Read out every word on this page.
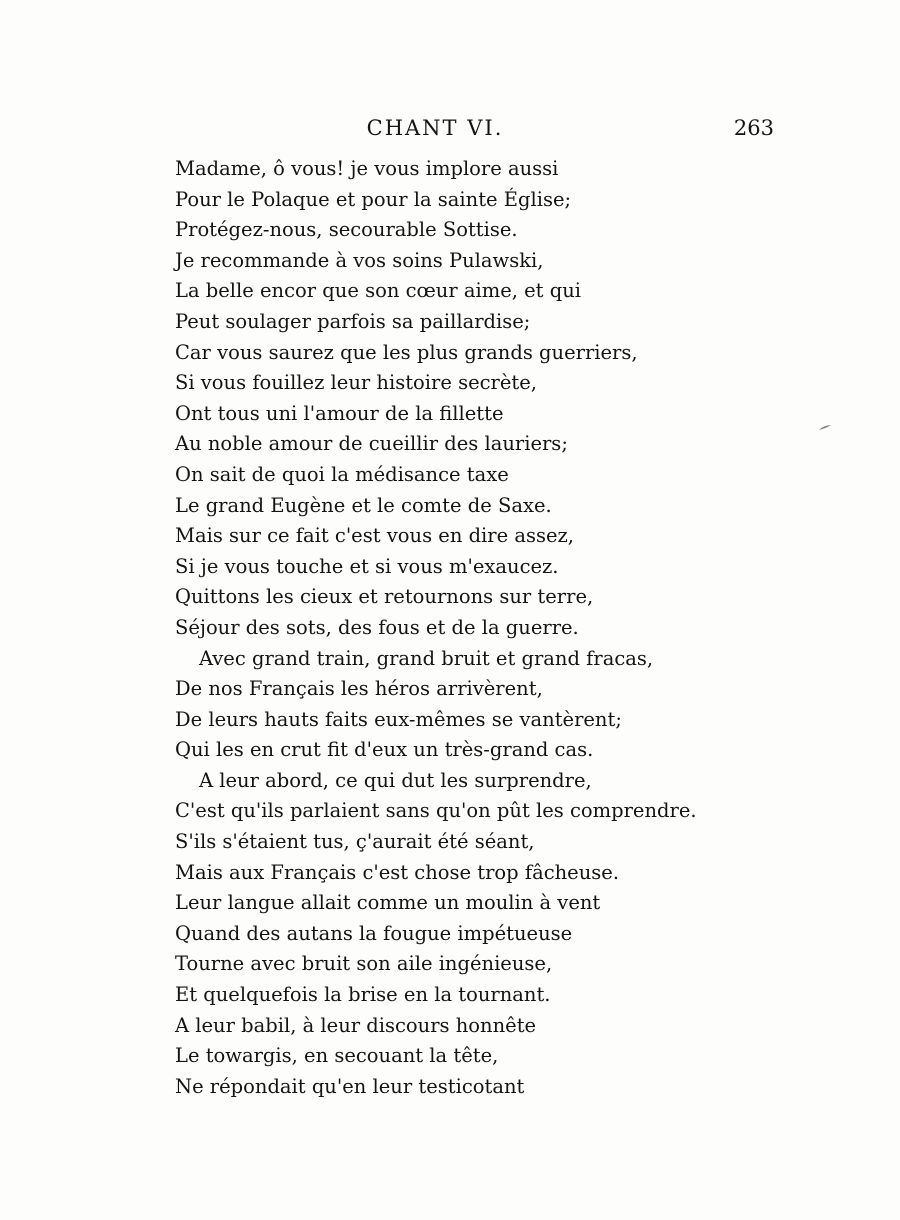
CHANT VI.	263
Madame, ô vous! je vous implore aussi
Pour le Polaque et pour la sainte Église;
Protégez-nous, secourable Sottise.
Je recommande à vos soins Pulawski,
La belle encor que son cœur aime, et qui
Peut soulager parfois sa paillardise;
Car vous saurez que les plus grands guerriers,
Si vous fouillez leur histoire secrète,
Ont tous uni l'amour de la fillette
Au noble amour de cueillir des lauriers;
On sait de quoi la médisance taxe
Le grand Eugène et le comte de Saxe.
Mais sur ce fait c'est vous en dire assez,
Si je vous touche et si vous m'exaucez.
Quittons les cieux et retournons sur terre,
Séjour des sots, des fous et de la guerre.
Avec grand train, grand bruit et grand fracas,
De nos Français les héros arrivèrent,
De leurs hauts faits eux-mêmes se vantèrent;
Qui les en crut fit d'eux un très-grand cas.
A leur abord, ce qui dut les surprendre,
C'est qu'ils parlaient sans qu'on pût les comprendre.
S'ils s'étaient tus, ç'aurait été séant,
Mais aux Français c'est chose trop fâcheuse.
Leur langue allait comme un moulin à vent
Quand des autans la fougue impétueuse
Tourne avec bruit son aile ingénieuse,
Et quelquefois la brise en la tournant.
A leur babil, à leur discours honnête
Le towargis, en secouant la tête,
Ne répondait qu'en leur testicotant
